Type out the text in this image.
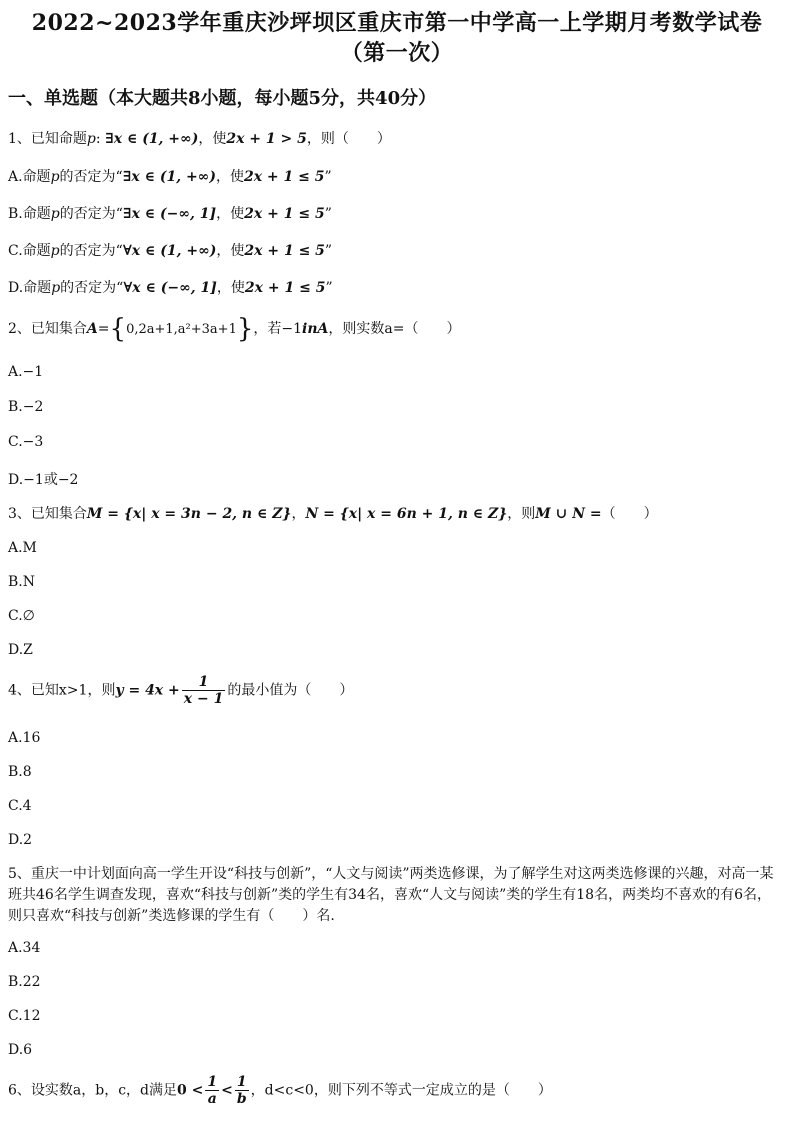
2022~2023学年重庆沙坪坝区重庆市第一中学高一上学期月考数学试卷
（第一次）
一、单选题（本大题共8小题，每小题5分，共40分）
1、已知命题p: ∃x ∈ (1, +∞)，使2x + 1 > 5，则（　　）
A.命题p的否定为“∃x ∈ (1, +∞)，使2x + 1 ≤ 5”
B.命题p的否定为“∃x ∈ (−∞, 1]，使2x + 1 ≤ 5”
C.命题p的否定为“∀x ∈ (1, +∞)，使2x + 1 ≤ 5”
D.命题p的否定为“∀x ∈ (−∞, 1]，使2x + 1 ≤ 5”
2、已知集合A={0,2a+1,a²+3a+1}，若−1inA，则实数a=（　　）
A.−1
B.−2
C.−3
D.−1或−2
3、已知集合M = {x| x = 3n − 2, n ∈ Z}，N = {x| x = 6n + 1, n ∈ Z}，则M ∪ N =（　　）
A.M
B.N
C.∅
D.Z
4、已知x>1，则$y = 4x + \frac{1}{x - 1}$ 的最小值为（　　）
A.16
B.8
C.4
D.2
5、重庆一中计划面向高一学生开设“科技与创新”，“人文与阅读”两类选修课，为了解学生对这两类选修课的兴趣，对高一某班共46名学生调查发现，喜欢“科技与创新”类的学生有34名，喜欢“人文与阅读”类的学生有18名，两类均不喜欢的有6名，则只喜欢“科技与创新”类选修课的学生有（　　）名.
A.34
B.22
C.12
D.6
6、设实数a，b，c，d满足$0 < \frac{1}{a} < \frac{1}{b}$ ，d<c<0，则下列不等式一定成立的是（　　）
